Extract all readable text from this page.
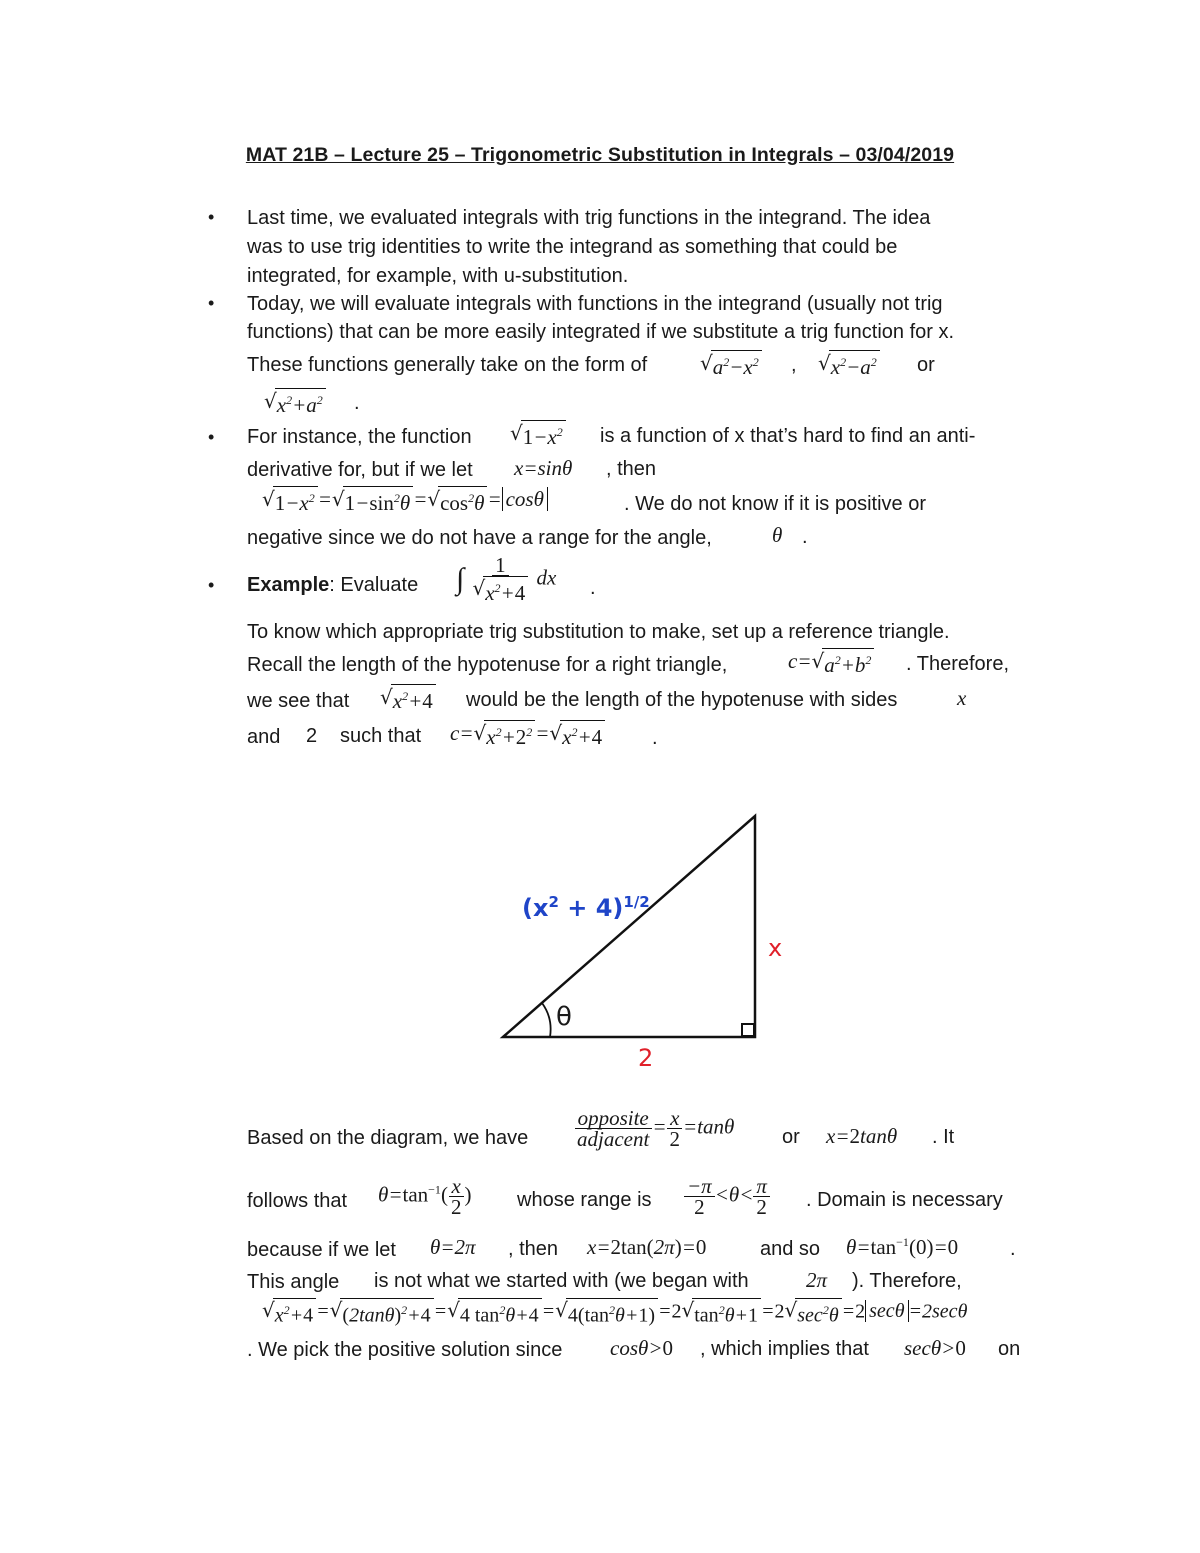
MAT 21B – Lecture 25 – Trigonometric Substitution in Integrals – 03/04/2019
• Last time, we evaluated integrals with trig functions in the integrand. The idea
was to use trig identities to write the integrand as something that could be
integrated, for example, with u-substitution.
• Today, we will evaluate integrals with functions in the integrand (usually not trig
functions) that can be more easily integrated if we substitute a trig function for x.
These functions generally take on the form of	$√a^2-x^2$ , $√x^2-a^2$ or
$√x^2+a^2$ .
• For instance, the function $√1-x^2$ is a function of x that’s hard to find an anti-
derivative for, but if we let x=sinθ , then
$√1-x^2 =√1-\sin^2\theta =√\cos^2\theta = \cos\theta$	. We do not know if it is positive or
negative since we do not have a range for the angle,	θ .
• Example: Evaluate ∫ $\frac{1}{√x^2+4}$ dx .
To know which appropriate trig substitution to make, set up a reference triangle.
Recall the length of the hypotenuse for a right triangle,	$c=√a^2+b^2$ . Therefore,
we see that $√x^2+4$ would be the length of the hypotenuse with sides	x
and 2 such that $c=√x^2+2^2 =√x^2+4$ .
$(x^2 + 4)^{1/2}$
x
2
θ
Based on the diagram, we have $\frac{\text{opposite}}{\text{adjacent}} = \frac{x}{2} =\tan\theta$ or x=2tanθ . It
follows that $\theta=\tan^{-1}( \frac{x}{2}$ ) whose range is $\frac{-\pi}{2} <\theta< \frac{\pi}{2}$ . Domain is necessary
because if we let θ=2π , then x=2tan(2π)=0	and so $\theta=\tan^{-1}(0)=0$	.
This angle is not what we started with (we began with	2π ). Therefore,
$√x^2+4 =√(2\tan\theta)^2+4 =√4$ $\tan^2\theta+4 =√4(\tan^2\theta+1) =2√\tan^2\theta+1 =2√\sec^2\theta =2$ secθ =2secθ
. We pick the positive solution since cosθ>0 , which implies that secθ>0 on
